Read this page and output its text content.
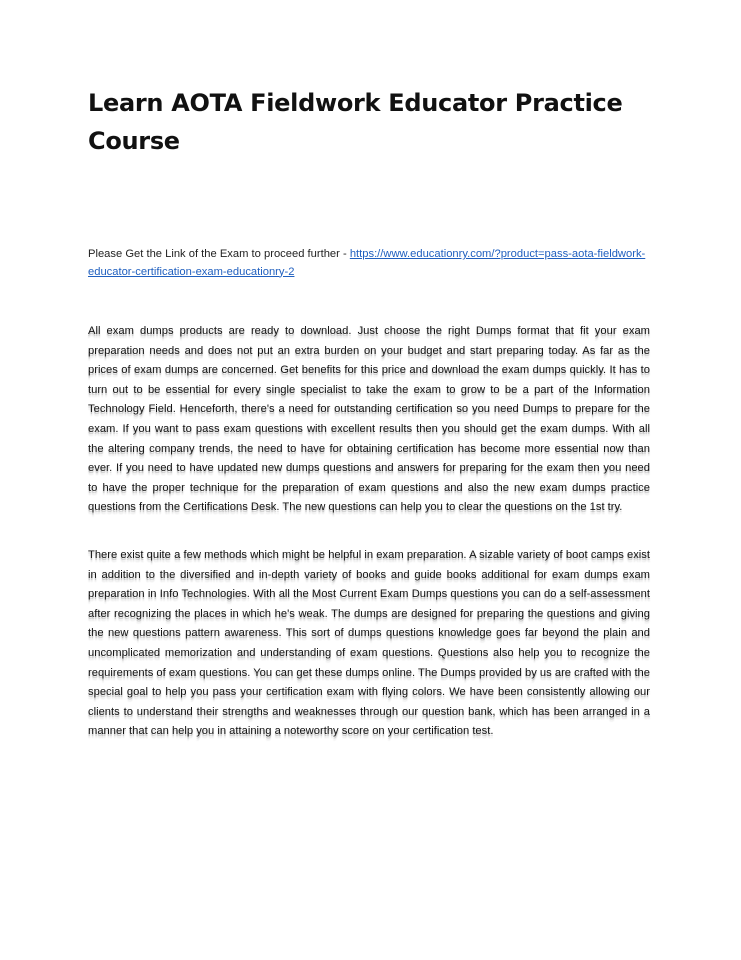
Learn AOTA Fieldwork Educator Practice Course

Please Get the Link of the Exam to proceed further - https://www.educationry.com/?product=pass-aota-fieldwork-educator-certification-exam-educationry-2

All exam dumps products are ready to download. Just choose the right Dumps format that fit your exam preparation needs and does not put an extra burden on your budget and start preparing today. As far as the prices of exam dumps are concerned. Get benefits for this price and download the exam dumps quickly. It has to turn out to be essential for every single specialist to take the exam to grow to be a part of the Information Technology Field. Henceforth, there's a need for outstanding certification so you need Dumps to prepare for the exam. If you want to pass exam questions with excellent results then you should get the exam dumps. With all the altering company trends, the need to have for obtaining certification has become more essential now than ever. If you need to have updated new dumps questions and answers for preparing for the exam then you need to have the proper technique for the preparation of exam questions and also the new exam dumps practice questions from the Certifications Desk. The new questions can help you to clear the questions on the 1st try.

There exist quite a few methods which might be helpful in exam preparation. A sizable variety of boot camps exist in addition to the diversified and in-depth variety of books and guide books additional for exam dumps exam preparation in Info Technologies. With all the Most Current Exam Dumps questions you can do a self-assessment after recognizing the places in which he's weak. The dumps are designed for preparing the questions and giving the new questions pattern awareness. This sort of dumps questions knowledge goes far beyond the plain and uncomplicated memorization and understanding of exam questions. Questions also help you to recognize the requirements of exam questions. You can get these dumps online. The Dumps provided by us are crafted with the special goal to help you pass your certification exam with flying colors. We have been consistently allowing our clients to understand their strengths and weaknesses through our question bank, which has been arranged in a manner that can help you in attaining a noteworthy score on your certification test.
